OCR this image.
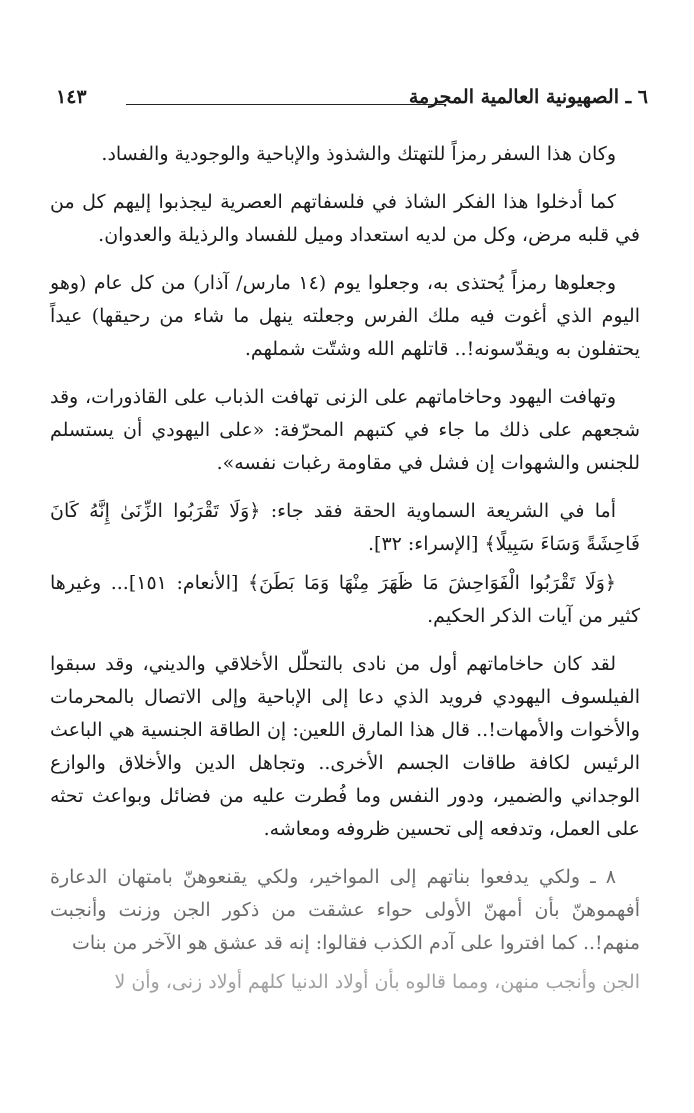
٦ ـ الصهيونية العالمية المجرمة
١٤٣

وكان هذا السفر رمزاً للتهتك والشذوذ والإباحية والوجودية والفساد.

كما أدخلوا هذا الفكر الشاذ في فلسفاتهم العصرية ليجذبوا إليهم كل من في قلبه مرض، وكل من لديه استعداد وميل للفساد والرذيلة والعدوان.

وجعلوها رمزاً يُحتذى به، وجعلوا يوم (١٤ مارس/ آذار) من كل عام (وهو اليوم الذي أغوت فيه ملك الفرس وجعلته ينهل ما شاء من رحيقها) عيداً يحتفلون به ويقدّسونه!.. قاتلهم الله وشتّت شملهم.

وتهافت اليهود وحاخاماتهم على الزنى تهافت الذباب على القاذورات، وقد شجعهم على ذلك ما جاء في كتبهم المحرّفة: «على اليهودي أن يستسلم للجنس والشهوات إن فشل في مقاومة رغبات نفسه».

أما في الشريعة السماوية الحقة فقد جاء: ﴿وَلَا تَقْرَبُوا الزِّنَىٰ إِنَّهُ كَانَ فَاحِشَةً وَسَاءَ سَبِيلًا﴾ [الإسراء: ٣٢].

﴿وَلَا تَقْرَبُوا الْفَوَاحِشَ مَا ظَهَرَ مِنْهَا وَمَا بَطَنَ﴾ [الأنعام: ١٥١]... وغيرها كثير من آيات الذكر الحكيم.

لقد كان حاخاماتهم أول من نادى بالتحلّل الأخلاقي والديني، وقد سبقوا الفيلسوف اليهودي فرويد الذي دعا إلى الإباحية وإلى الاتصال بالمحرمات والأخوات والأمهات!.. قال هذا المارق اللعين: إن الطاقة الجنسية هي الباعث الرئيس لكافة طاقات الجسم الأخرى.. وتجاهل الدين والأخلاق والوازع الوجداني والضمير، ودور النفس وما فُطرت عليه من فضائل وبواعث تحثه على العمل، وتدفعه إلى تحسين ظروفه ومعاشه.

٨ ـ ولكي يدفعوا بناتهم إلى المواخير، ولكي يقنعوهنّ بامتهان الدعارة أفهموهنّ بأن أمهنّ الأولى حواء عشقت من ذكور الجن وزنت وأنجبت منهم!.. كما افتروا على آدم الكذب فقالوا: إنه قد عشق هو الآخر من بنات

الجن وأنجب منهن، ومما قالوه بأن أولاد الدنيا كلهم أولاد زنى، وأن لا
